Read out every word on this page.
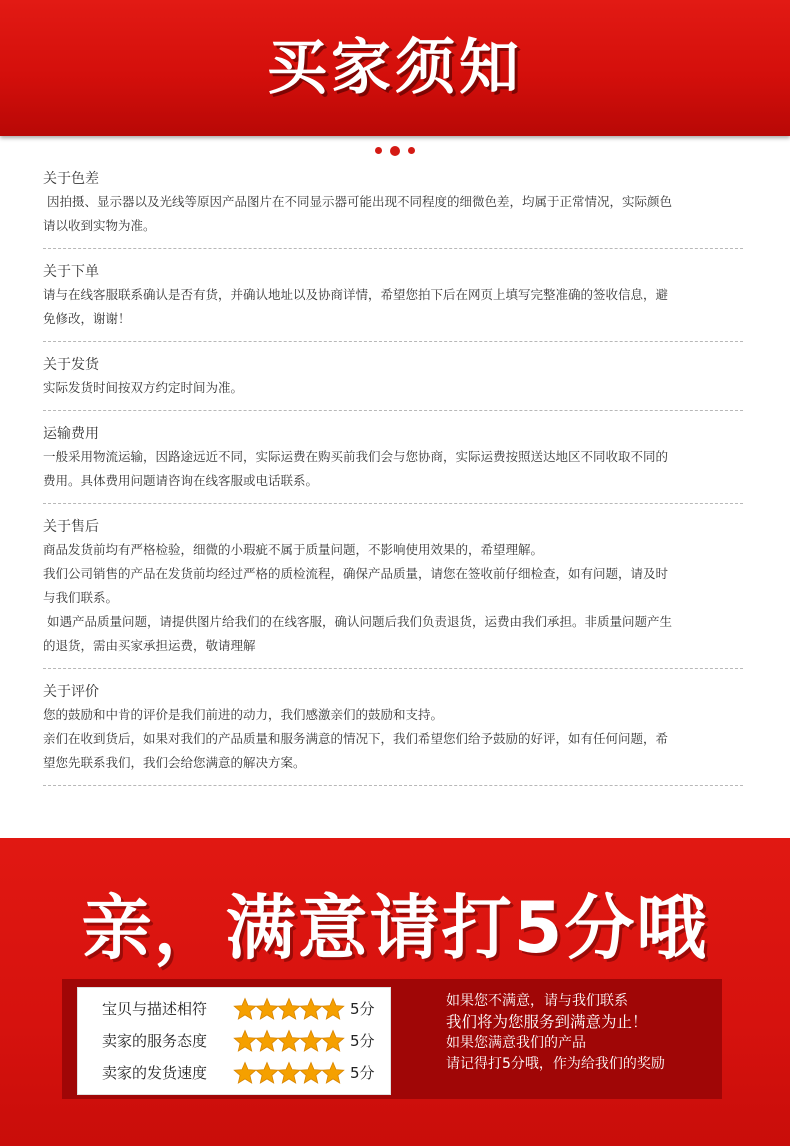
买家须知
关于色差
因拍摄、显示器以及光线等原因产品图片在不同显示器可能出现不同程度的细微色差，均属于正常情况，实际颜色
请以收到实物为准。
关于下单
请与在线客服联系确认是否有货，并确认地址以及协商详情，希望您拍下后在网页上填写完整准确的签收信息，避
免修改，谢谢！
关于发货
实际发货时间按双方约定时间为准。
运输费用
一般采用物流运输，因路途远近不同，实际运费在购买前我们会与您协商，实际运费按照送达地区不同收取不同的
费用。具体费用问题请咨询在线客服或电话联系。
关于售后
商品发货前均有严格检验，细微的小瑕疵不属于质量问题，不影响使用效果的，希望理解。
我们公司销售的产品在发货前均经过严格的质检流程，确保产品质量，请您在签收前仔细检查，如有问题，请及时
与我们联系。
如遇产品质量问题，请提供图片给我们的在线客服，确认问题后我们负责退货，运费由我们承担。非质量问题产生
的退货，需由买家承担运费，敬请理解
关于评价
您的鼓励和中肯的评价是我们前进的动力，我们感激亲们的鼓励和支持。
亲们在收到货后，如果对我们的产品质量和服务满意的情况下，我们希望您们给予鼓励的好评，如有任何问题，希
望您先联系我们，我们会给您满意的解决方案。
亲，满意请打5分哦
宝贝与描述相符	5分
卖家的服务态度	5分
卖家的发货速度	5分
如果您不满意，请与我们联系
我们将为您服务到满意为止！
如果您满意我们的产品
请记得打5分哦，作为给我们的奖励
